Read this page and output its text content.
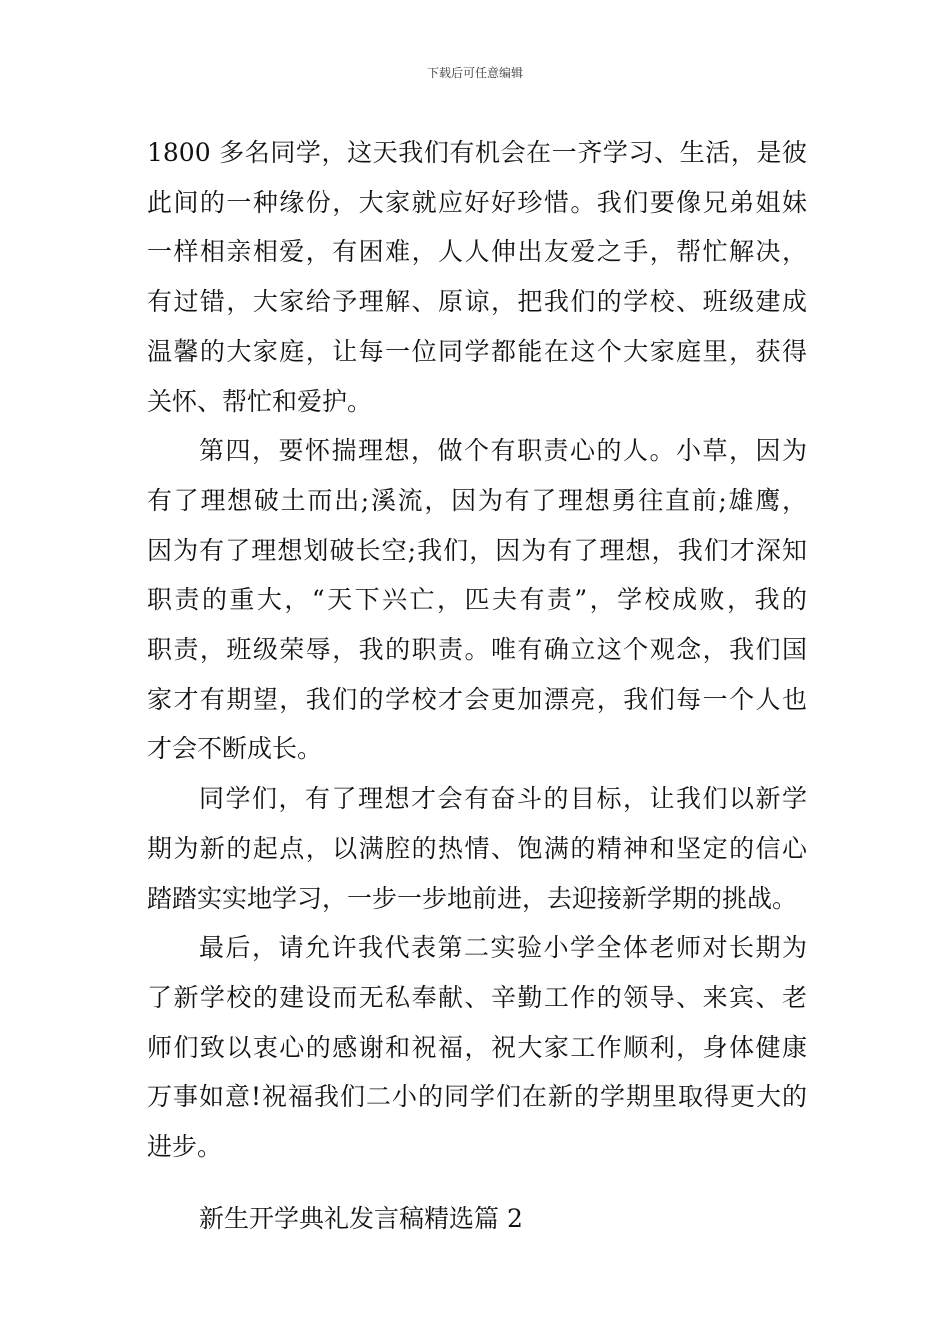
下载后可任意编辑
1800 多名同学，这天我们有机会在一齐学习、生活，是彼
此间的一种缘份，大家就应好好珍惜。我们要像兄弟姐妹
一样相亲相爱，有困难，人人伸出友爱之手，帮忙解决，
有过错，大家给予理解、原谅，把我们的学校、班级建成
温馨的大家庭，让每一位同学都能在这个大家庭里，获得
关怀、帮忙和爱护。
第四，要怀揣理想，做个有职责心的人。小草，因为
有了理想破土而出;溪流，因为有了理想勇往直前;雄鹰，
因为有了理想划破长空;我们，因为有了理想，我们才深知
职责的重大，“天下兴亡，匹夫有责”，学校成败，我的
职责，班级荣辱，我的职责。唯有确立这个观念，我们国
家才有期望，我们的学校才会更加漂亮，我们每一个人也
才会不断成长。
同学们，有了理想才会有奋斗的目标，让我们以新学
期为新的起点，以满腔的热情、饱满的精神和坚定的信心
踏踏实实地学习，一步一步地前进，去迎接新学期的挑战。
最后，请允许我代表第二实验小学全体老师对长期为
了新学校的建设而无私奉献、辛勤工作的领导、来宾、老
师们致以衷心的感谢和祝福，祝大家工作顺利，身体健康
万事如意!祝福我们二小的同学们在新的学期里取得更大的
进步。
新生开学典礼发言稿精选篇 2
